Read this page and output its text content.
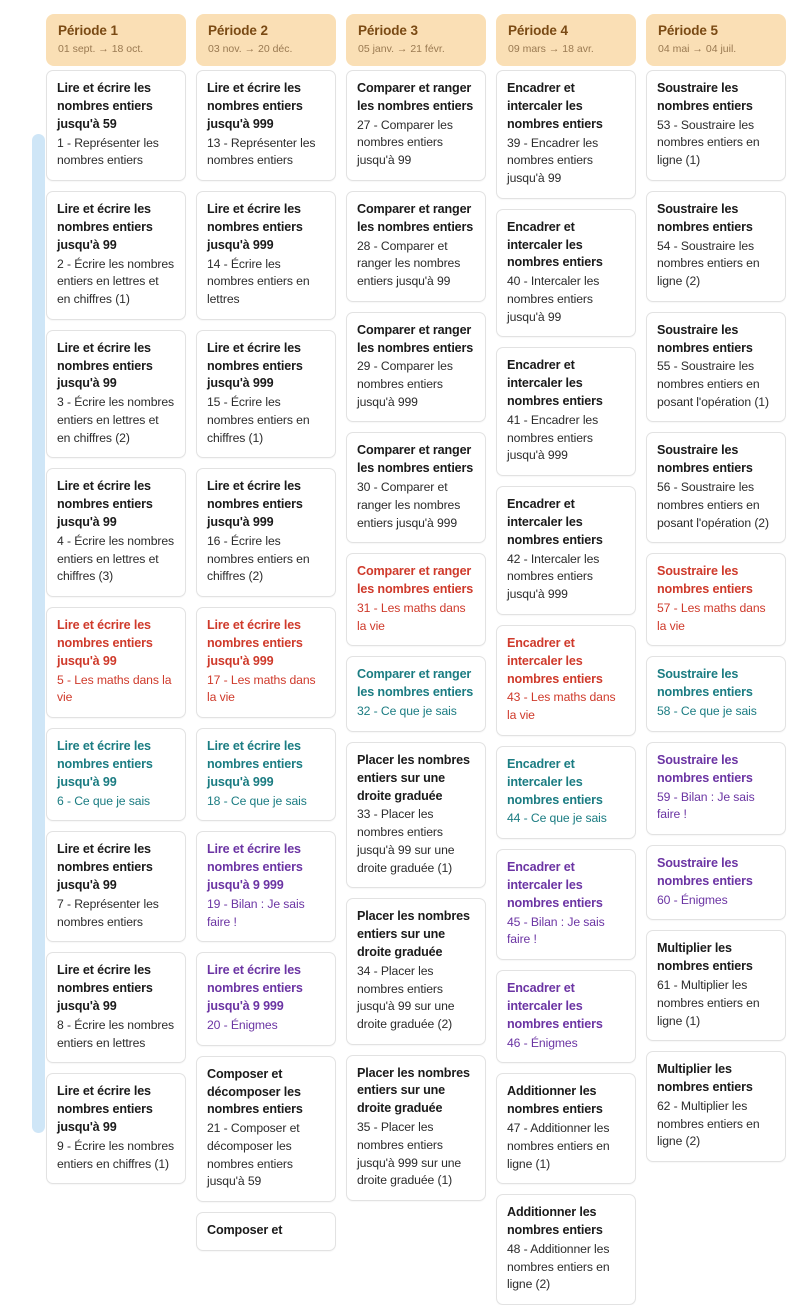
Période 1
01 sept. → 18 oct.
Période 2
03 nov. → 20 déc.
Période 3
05 janv. → 21 févr.
Période 4
09 mars → 18 avr.
Période 5
04 mai → 04 juil.
Lire et écrire les nombres entiers jusqu'à 59
1 - Représenter les nombres entiers
Lire et écrire les nombres entiers jusqu'à 99
2 - Écrire les nombres entiers en lettres et en chiffres (1)
Lire et écrire les nombres entiers jusqu'à 99
3 - Écrire les nombres entiers en lettres et en chiffres (2)
Lire et écrire les nombres entiers jusqu'à 99
4 - Écrire les nombres entiers en lettres et chiffres (3)
Lire et écrire les nombres entiers jusqu'à 99
5 - Les maths dans la vie
Lire et écrire les nombres entiers jusqu'à 99
6 - Ce que je sais
Lire et écrire les nombres entiers jusqu'à 99
7 - Représenter les nombres entiers
Lire et écrire les nombres entiers jusqu'à 99
8 - Écrire les nombres entiers en lettres
Lire et écrire les nombres entiers jusqu'à 99
9 - Écrire les nombres entiers en chiffres (1)
Lire et écrire les nombres entiers jusqu'à 999
13 - Représenter les nombres entiers
Lire et écrire les nombres entiers jusqu'à 999
14 - Écrire les nombres entiers en lettres
Lire et écrire les nombres entiers jusqu'à 999
15 - Écrire les nombres entiers en chiffres (1)
Lire et écrire les nombres entiers jusqu'à 999
16 - Écrire les nombres entiers en chiffres (2)
Lire et écrire les nombres entiers jusqu'à 999
17 - Les maths dans la vie
Lire et écrire les nombres entiers jusqu'à 999
18 - Ce que je sais
Lire et écrire les nombres entiers jusqu'à 9 999
19 - Bilan : Je sais faire !
Lire et écrire les nombres entiers jusqu'à 9 999
20 - Énigmes
Composer et décomposer les nombres entiers
21 - Composer et décomposer les nombres entiers jusqu'à 59
Composer et
Comparer et ranger les nombres entiers
27 - Comparer les nombres entiers jusqu'à 99
Comparer et ranger les nombres entiers
28 - Comparer et ranger les nombres entiers jusqu'à 99
Comparer et ranger les nombres entiers
29 - Comparer les nombres entiers jusqu'à 999
Comparer et ranger les nombres entiers
30 - Comparer et ranger les nombres entiers jusqu'à 999
Comparer et ranger les nombres entiers
31 - Les maths dans la vie
Comparer et ranger les nombres entiers
32 - Ce que je sais
Placer les nombres entiers sur une droite graduée
33 - Placer les nombres entiers jusqu'à 99 sur une droite graduée (1)
Placer les nombres entiers sur une droite graduée
34 - Placer les nombres entiers jusqu'à 99 sur une droite graduée (2)
Placer les nombres entiers sur une droite graduée
35 - Placer les nombres entiers jusqu'à 999 sur une droite graduée (1)
Encadrer et intercaler les nombres entiers
39 - Encadrer les nombres entiers jusqu'à 99
Encadrer et intercaler les nombres entiers
40 - Intercaler les nombres entiers jusqu'à 99
Encadrer et intercaler les nombres entiers
41 - Encadrer les nombres entiers jusqu'à 999
Encadrer et intercaler les nombres entiers
42 - Intercaler les nombres entiers jusqu'à 999
Encadrer et intercaler les nombres entiers
43 - Les maths dans la vie
Encadrer et intercaler les nombres entiers
44 - Ce que je sais
Encadrer et intercaler les nombres entiers
45 - Bilan : Je sais faire !
Encadrer et intercaler les nombres entiers
46 - Énigmes
Additionner les nombres entiers
47 - Additionner les nombres entiers en ligne (1)
Additionner les nombres entiers
48 - Additionner les nombres entiers en ligne (2)
Soustraire les nombres entiers
53 - Soustraire les nombres entiers en ligne (1)
Soustraire les nombres entiers
54 - Soustraire les nombres entiers en ligne (2)
Soustraire les nombres entiers
55 - Soustraire les nombres entiers en posant l'opération (1)
Soustraire les nombres entiers
56 - Soustraire les nombres entiers en posant l'opération (2)
Soustraire les nombres entiers
57 - Les maths dans la vie
Soustraire les nombres entiers
58 - Ce que je sais
Soustraire les nombres entiers
59 - Bilan : Je sais faire !
Soustraire les nombres entiers
60 - Énigmes
Multiplier les nombres entiers
61 - Multiplier les nombres entiers en ligne (1)
Multiplier les nombres entiers
62 - Multiplier les nombres entiers en ligne (2)
